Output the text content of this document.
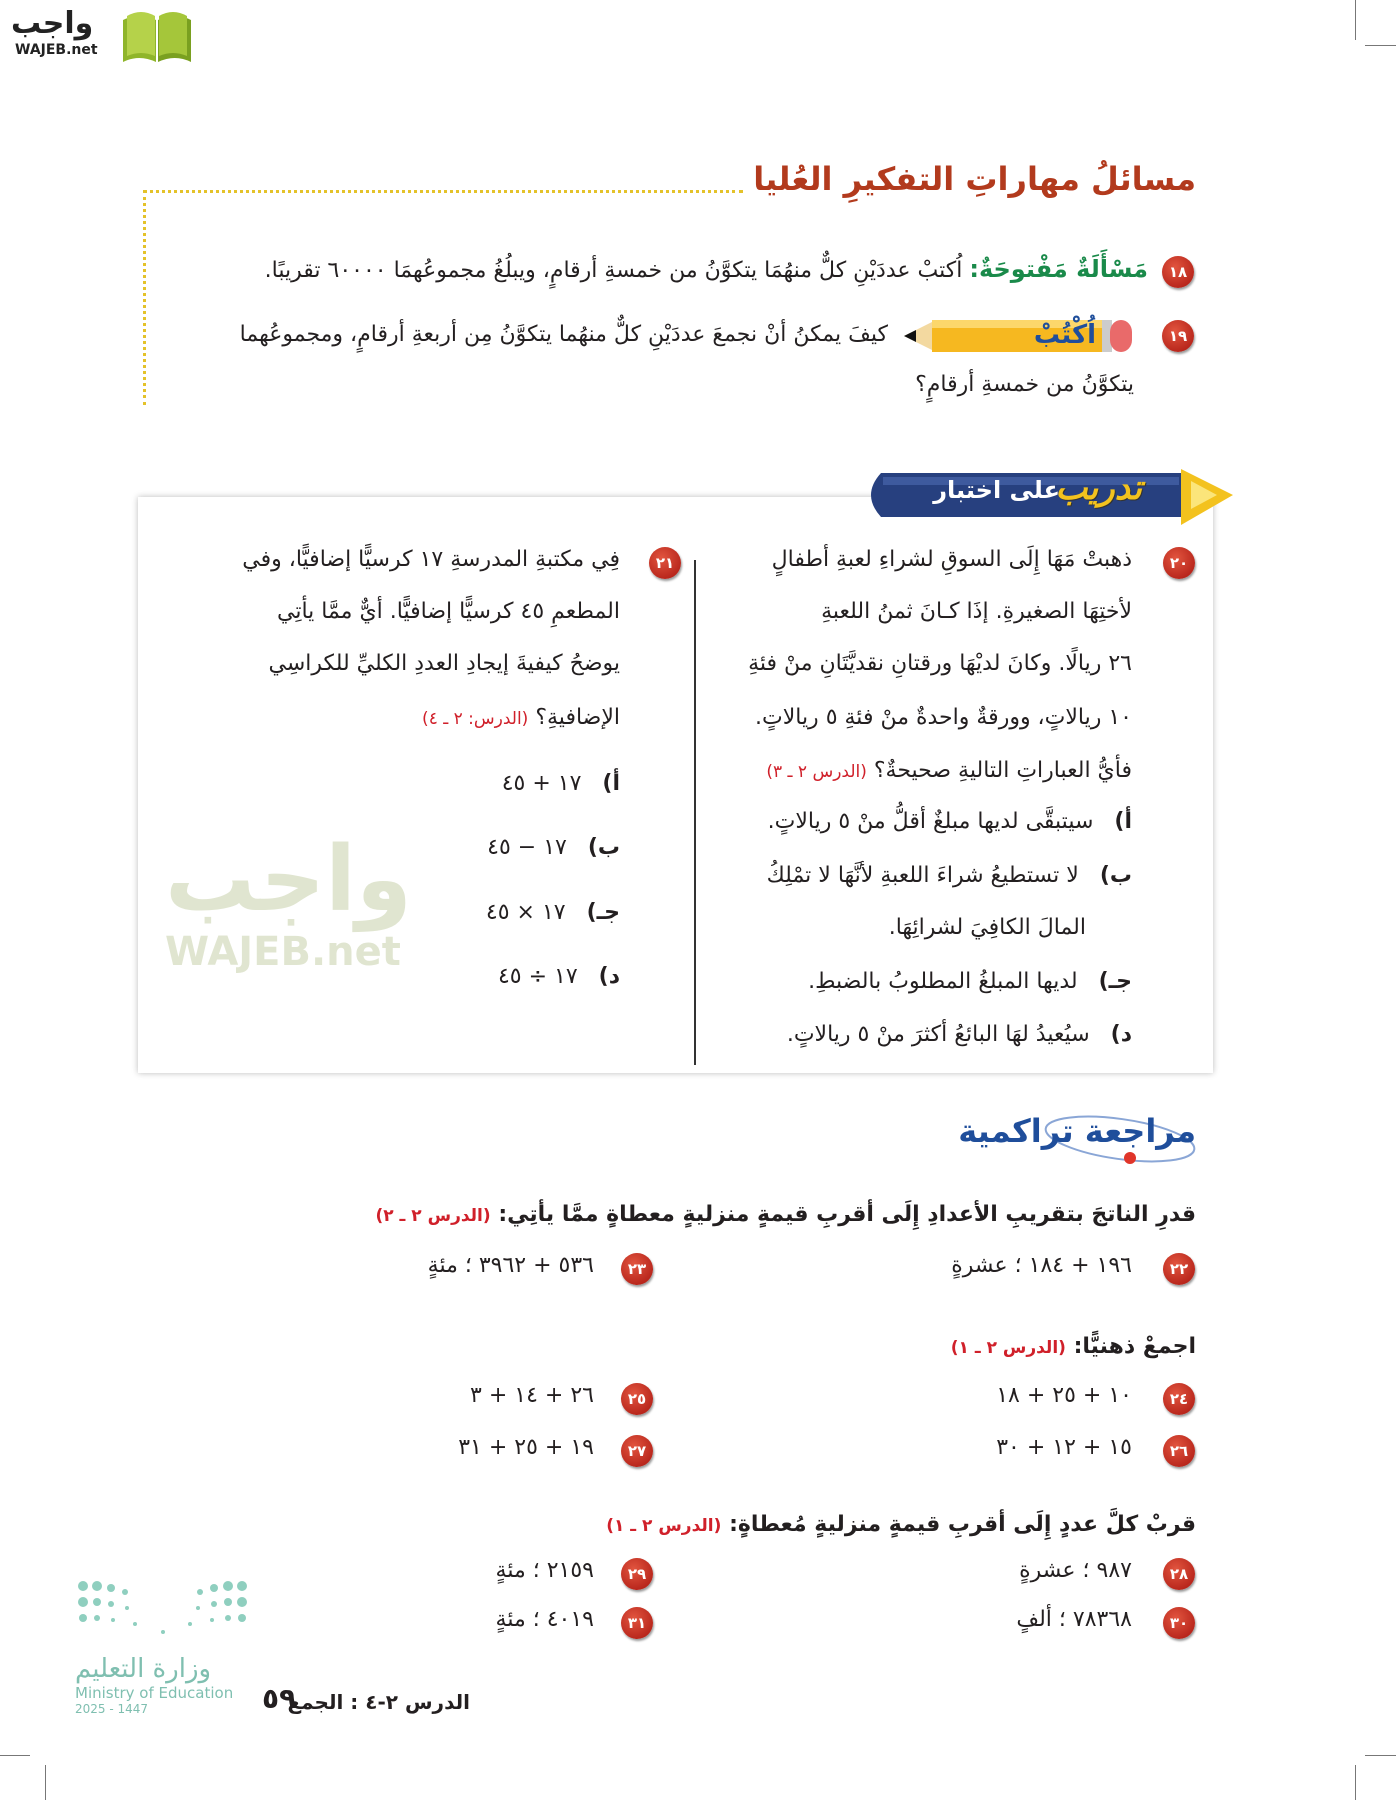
واجب
WAJEB.net
مسائلُ مهاراتِ التفكيرِ العُليا
١٨
مَسْأَلَةٌ مَفْتوحَةٌ: اُكتبْ عددَيْنِ كلٌّ منهُمَا يتكوَّنُ من خمسةِ أرقامٍ، ويبلُغُ مجموعُهمَا ٦٠٠٠٠ تقريبًا.
١٩
اُكْتُبْ
كيفَ يمكنُ أنْ نجمعَ عددَيْنِ كلٌّ منهُما يتكوَّنُ مِن أربعةِ أرقامٍ، ومجموعُهما
يتكوَّنُ من خمسةِ أرقامٍ؟
تدريب
على اختبار
واجب
WAJEB.net
٢٠
ذهبتْ مَهَا إِلَى السوقِ لشراءِ لعبةِ أطفالٍ
لأختِهَا الصغيرةِ. إذَا كـانَ ثمنُ اللعبةِ
٢٦ ريالًا. وكانَ لديْهَا ورقتانِ نقديَّتَانِ منْ فئةِ
١٠ ريالاتٍ، وورقةٌ واحدةٌ منْ فئةِ ٥ ريالاتٍ.
فأيُّ العباراتِ التاليةِ صحيحةٌ؟ (الدرس ٢ ـ ٣)
أ)   سيتبقَّى لديها مبلغٌ أقلُّ منْ ٥ ريالاتٍ.
ب)   لا تستطيعُ شراءَ اللعبةِ لأنَّهَا لا تمْلِكُ
المالَ الكافِيَ لشرائِهَا.
جـ)   لديها المبلغُ المطلوبُ بالضبطِ.
د)   سيُعيدُ لهَا البائعُ أكثرَ منْ ٥ ريالاتٍ.
٢١
فِي مكتبةِ المدرسةِ ١٧ كرسيًّا إضافيًّا، وفي
المطعمِ ٤٥ كرسيًّا إضافيًّا. أيٌّ ممَّا يأتِي
يوضحُ كيفيةَ إيجادِ العددِ الكليِّ للكراسِي
الإضافيةِ؟ (الدرس: ٢ ـ ٤)
أ)   ١٧ + ٤٥
ب)   ١٧ − ٤٥
جـ)   ١٧ × ٤٥
د)   ١٧ ÷ ٤٥
مراجعة تراكمية
قدرِ الناتجَ بتقريبِ الأعدادِ إِلَى أقربِ قيمةٍ منزليةٍ معطاةٍ ممَّا يأتِي: (الدرس ٢ ـ ٢)
٢٢
١٩٦ + ١٨٤ ؛ عشرةٍ
٢٣
٥٣٦ + ٣٩٦٢ ؛ مئةٍ
اجمعْ ذهنيًّا: (الدرس ٢ ـ ١)
٢٤
١٠ + ٢٥ + ١٨
٢٥
٢٦ + ١٤ + ٣
٢٦
١٥ + ١٢ + ٣٠
٢٧
١٩ + ٢٥ + ٣١
قربْ كلَّ عددٍ إِلَى أقربِ قيمةٍ منزليةٍ مُعطاةٍ: (الدرس ٢ ـ ١)
٢٨
٩٨٧ ؛ عشرةٍ
٢٩
٢١٥٩ ؛ مئةٍ
٣٠
٧٨٣٦٨ ؛ ألفٍ
٣١
٤٠١٩ ؛ مئةٍ
وزارة التعليم
Ministry of Education
2025 - 1447	٥٩
الدرس ٢-٤ : الجمع
